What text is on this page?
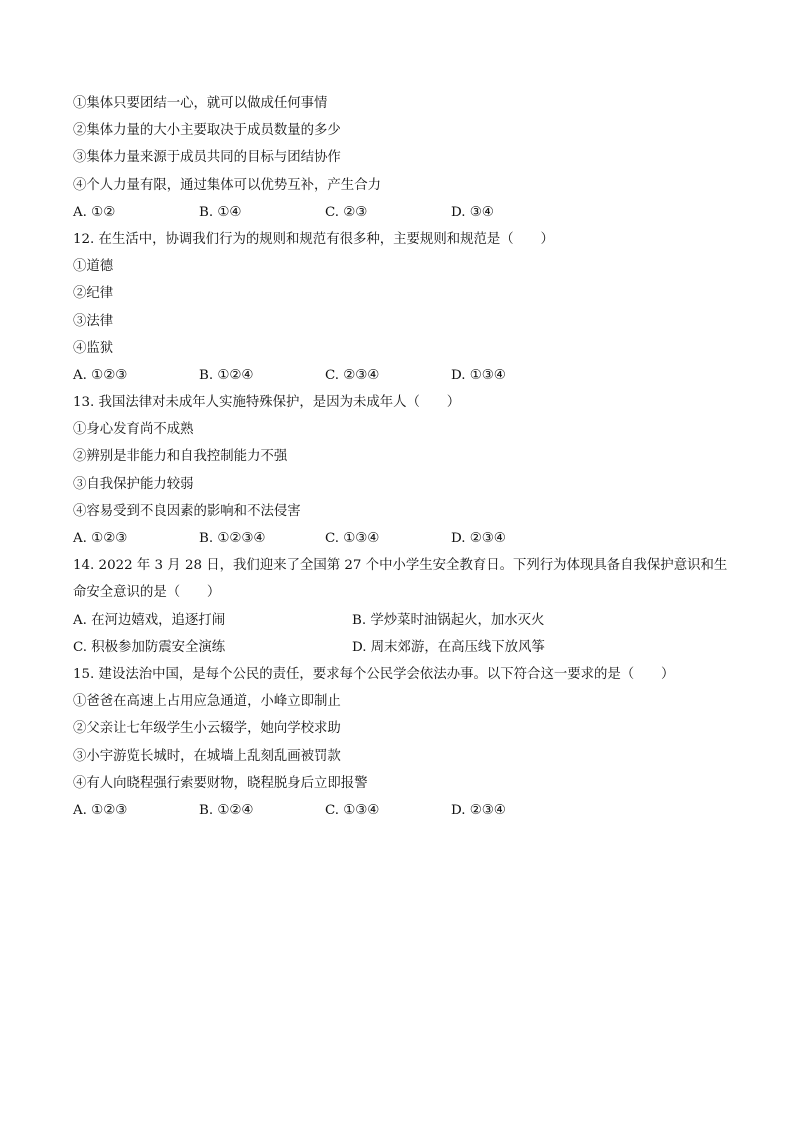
①集体只要团结一心，就可以做成任何事情
②集体力量的大小主要取决于成员数量的多少
③集体力量来源于成员共同的目标与团结协作
④个人力量有限，通过集体可以优势互补，产生合力
A. ①②	B. ①④	C. ②③	D. ③④
12. 在生活中，协调我们行为的规则和规范有很多种，主要规则和规范是（　　）
①道德
②纪律
③法律
④监狱
A. ①②③	B. ①②④	C. ②③④	D. ①③④
13. 我国法律对未成年人实施特殊保护，是因为未成年人（　　）
①身心发育尚不成熟
②辨别是非能力和自我控制能力不强
③自我保护能力较弱
④容易受到不良因素的影响和不法侵害
A. ①②③	B. ①②③④	C. ①③④	D. ②③④
14. 2022 年 3 月 28 日，我们迎来了全国第 27 个中小学生安全教育日。下列行为体现具备自我保护意识和生
命安全意识的是（　　）
A. 在河边嬉戏，追逐打闹	B. 学炒菜时油锅起火，加水灭火
C. 积极参加防震安全演练	D. 周末郊游，在高压线下放风筝
15. 建设法治中国，是每个公民的责任，要求每个公民学会依法办事。以下符合这一要求的是（　　）
①爸爸在高速上占用应急通道，小峰立即制止
②父亲让七年级学生小云辍学，她向学校求助
③小宇游览长城时，在城墙上乱刻乱画被罚款
④有人向晓程强行索要财物，晓程脱身后立即报警
A. ①②③	B. ①②④	C. ①③④	D. ②③④
